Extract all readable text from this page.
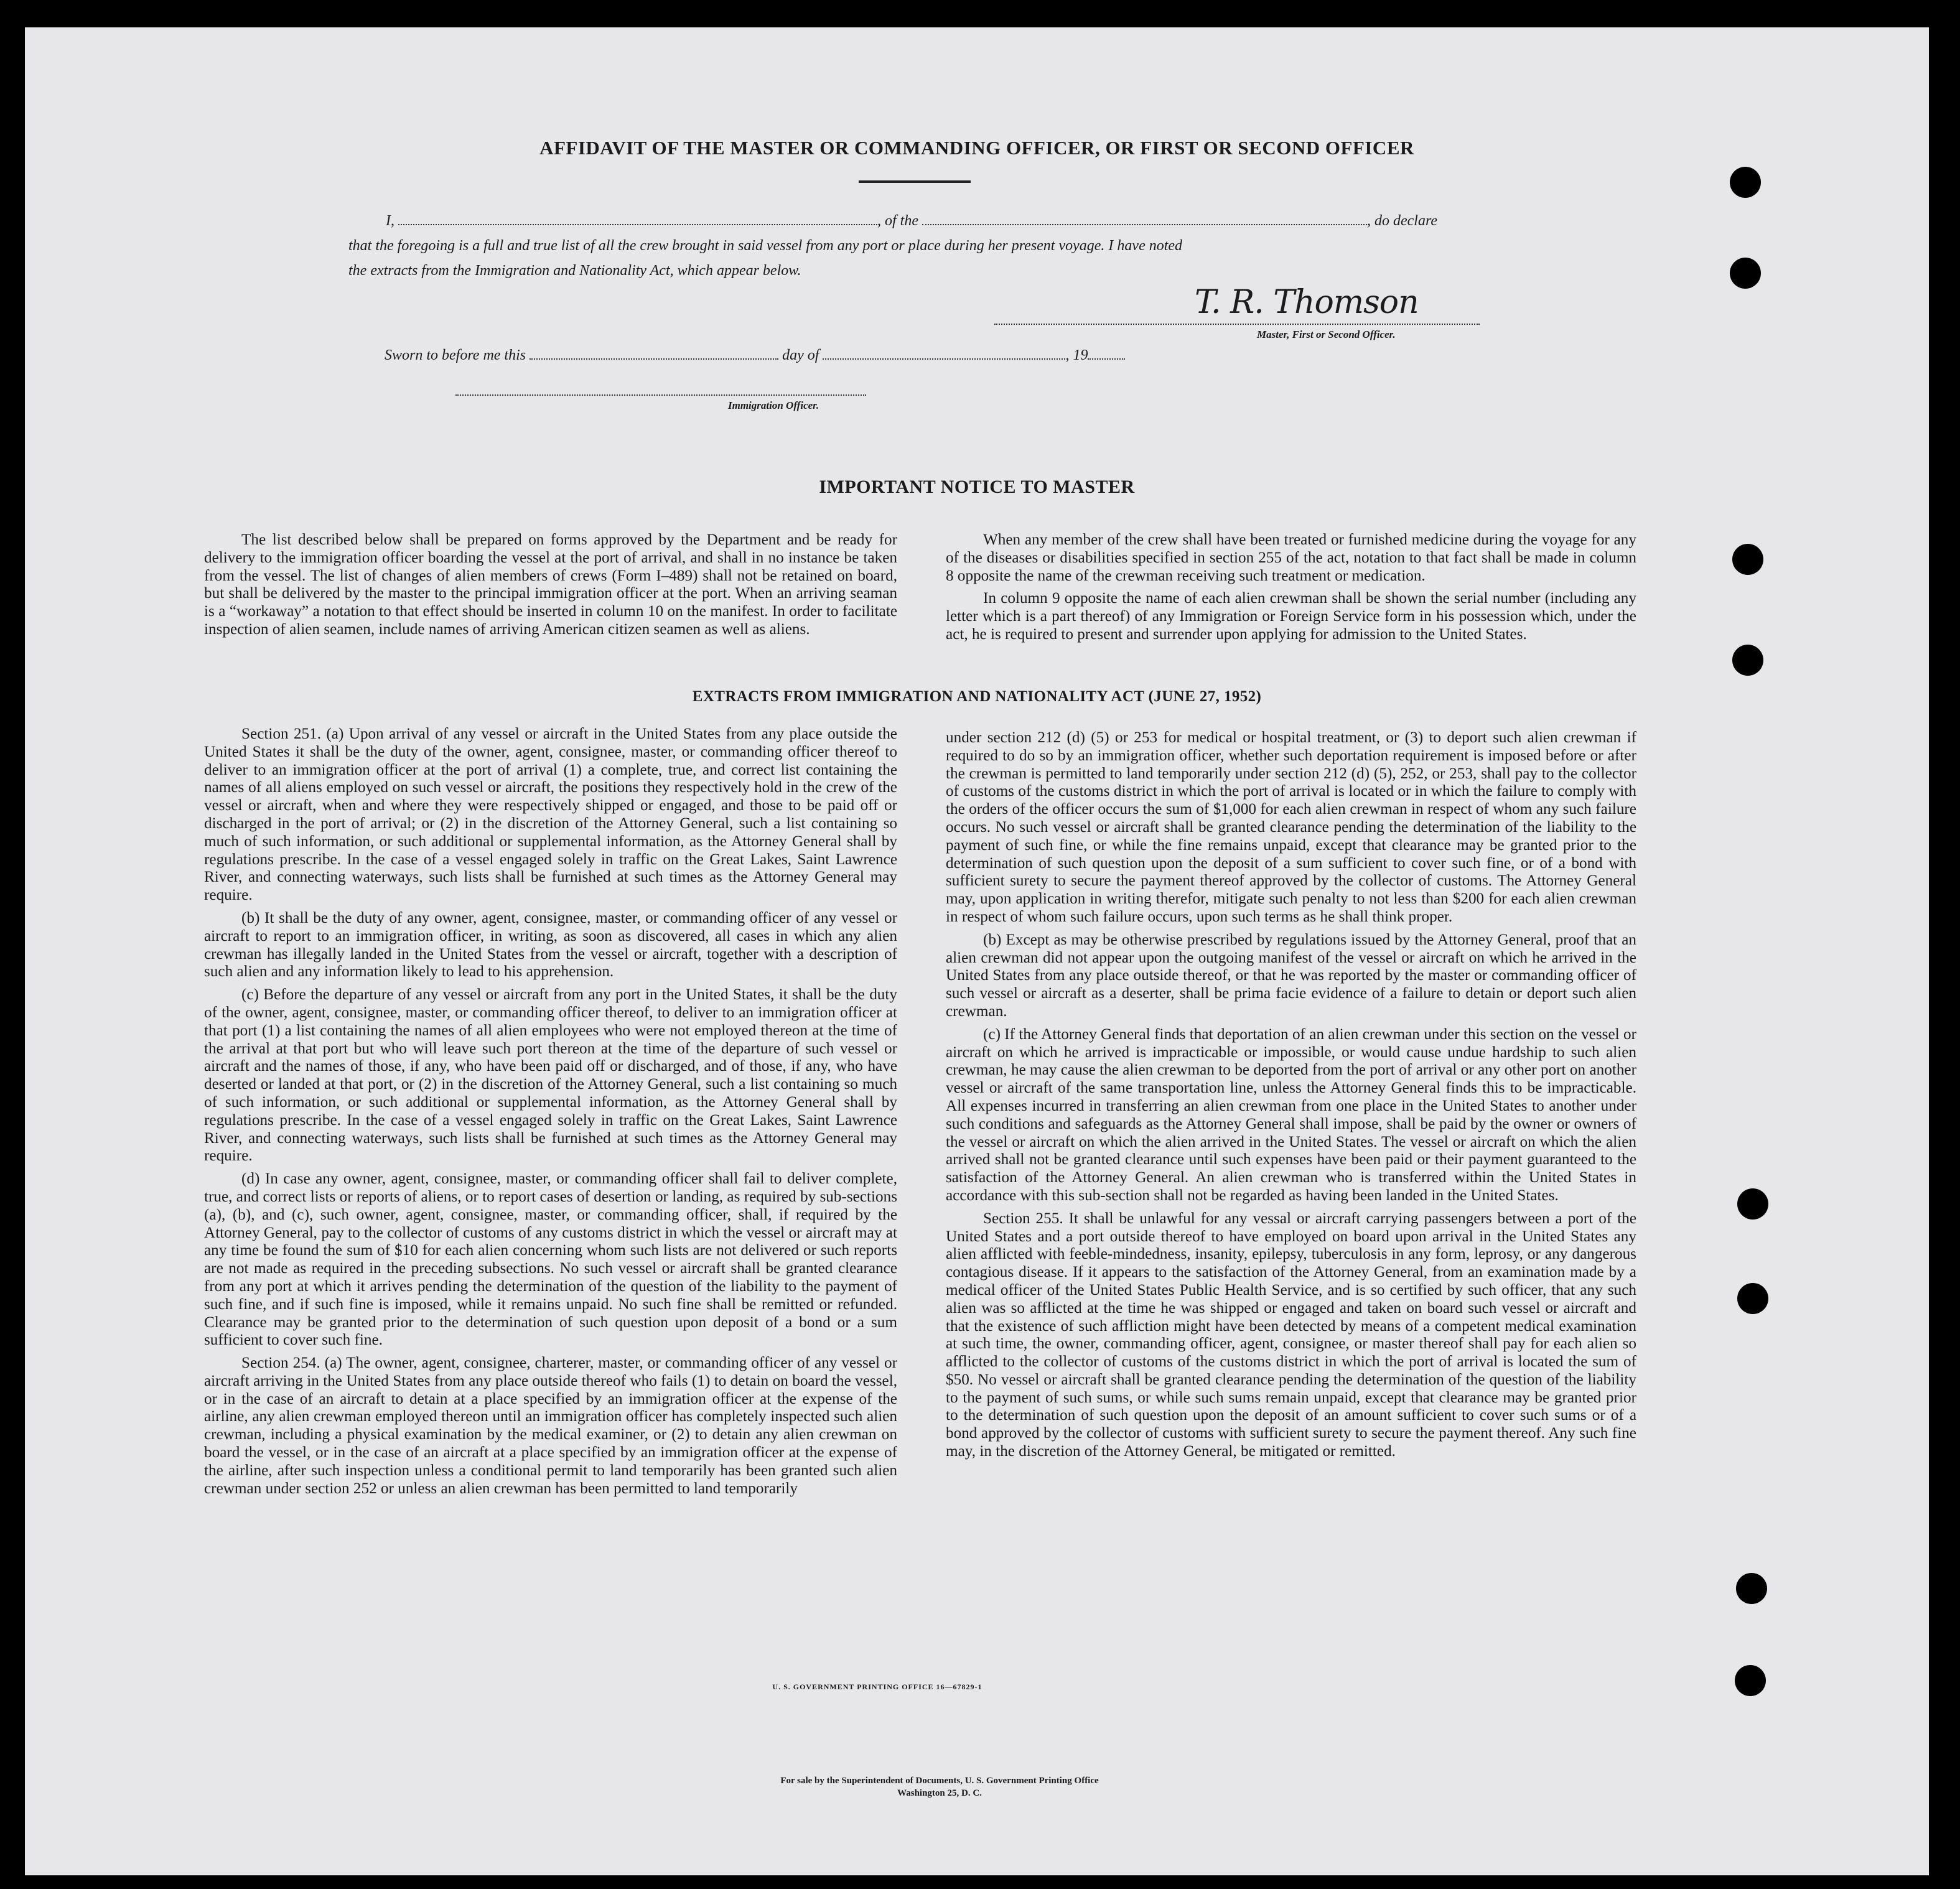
AFFIDAVIT OF THE MASTER OR COMMANDING OFFICER, OR FIRST OR SECOND OFFICER
I,	, of the	, do declare
that the foregoing is a full and true list of all the crew brought in said vessel from any port or place during her present voyage. I have noted
the extracts from the Immigration and Nationality Act, which appear below.
T. R. Thomson
Master, First or Second Officer.
Sworn to before me this	day of	, 19
Immigration Officer.
IMPORTANT NOTICE TO MASTER

The list described below shall be prepared on forms approved by the Department and be ready for delivery to the immigration officer boarding the vessel at the port of arrival, and shall in no instance be taken from the vessel. The list of changes of alien members of crews (Form I–489) shall not be retained on board, but shall be delivered by the master to the principal immigration officer at the port. When an arriving seaman is a “workaway” a notation to that effect should be inserted in column 10 on the manifest. In order to facilitate inspection of alien seamen, include names of arriving American citizen seamen as well as aliens.

When any member of the crew shall have been treated or furnished medicine during the voyage for any of the diseases or disabilities specified in section 255 of the act, notation to that fact shall be made in column 8 opposite the name of the crewman receiving such treatment or medication.

In column 9 opposite the name of each alien crewman shall be shown the serial number (including any letter which is a part thereof) of any Immigration or Foreign Service form in his possession which, under the act, he is required to present and surrender upon applying for admission to the United States.

EXTRACTS FROM IMMIGRATION AND NATIONALITY ACT (JUNE 27, 1952)

Section 251. (a) Upon arrival of any vessel or aircraft in the United States from any place outside the United States it shall be the duty of the owner, agent, consignee, master, or commanding officer thereof to deliver to an immigration officer at the port of arrival (1) a complete, true, and correct list containing the names of all aliens employed on such vessel or aircraft, the positions they respectively hold in the crew of the vessel or aircraft, when and where they were respectively shipped or engaged, and those to be paid off or discharged in the port of arrival; or (2) in the discretion of the Attorney General, such a list containing so much of such information, or such additional or supplemental information, as the Attorney General shall by regulations prescribe. In the case of a vessel engaged solely in traffic on the Great Lakes, Saint Lawrence River, and connecting waterways, such lists shall be furnished at such times as the Attorney General may require.

(b) It shall be the duty of any owner, agent, consignee, master, or commanding officer of any vessel or aircraft to report to an immigration officer, in writing, as soon as discovered, all cases in which any alien crewman has illegally landed in the United States from the vessel or aircraft, together with a description of such alien and any information likely to lead to his apprehension.

(c) Before the departure of any vessel or aircraft from any port in the United States, it shall be the duty of the owner, agent, consignee, master, or commanding officer thereof, to deliver to an immigration officer at that port (1) a list containing the names of all alien employees who were not employed thereon at the time of the arrival at that port but who will leave such port thereon at the time of the departure of such vessel or aircraft and the names of those, if any, who have been paid off or discharged, and of those, if any, who have deserted or landed at that port, or (2) in the discretion of the Attorney General, such a list containing so much of such information, or such additional or supplemental information, as the Attorney General shall by regulations prescribe. In the case of a vessel engaged solely in traffic on the Great Lakes, Saint Lawrence River, and connecting waterways, such lists shall be furnished at such times as the Attorney General may require.

(d) In case any owner, agent, consignee, master, or commanding officer shall fail to deliver complete, true, and correct lists or reports of aliens, or to report cases of desertion or landing, as required by sub-sections (a), (b), and (c), such owner, agent, consignee, master, or commanding officer, shall, if required by the Attorney General, pay to the collector of customs of any customs district in which the vessel or aircraft may at any time be found the sum of $10 for each alien concerning whom such lists are not delivered or such reports are not made as required in the preceding subsections. No such vessel or aircraft shall be granted clearance from any port at which it arrives pending the determination of the question of the liability to the payment of such fine, and if such fine is imposed, while it remains unpaid. No such fine shall be remitted or refunded. Clearance may be granted prior to the determination of such question upon deposit of a bond or a sum sufficient to cover such fine.

Section 254. (a) The owner, agent, consignee, charterer, master, or commanding officer of any vessel or aircraft arriving in the United States from any place outside thereof who fails (1) to detain on board the vessel, or in the case of an aircraft to detain at a place specified by an immigration officer at the expense of the airline, any alien crewman employed thereon until an immigration officer has completely inspected such alien crewman, including a physical examination by the medical examiner, or (2) to detain any alien crewman on board the vessel, or in the case of an aircraft at a place specified by an immigration officer at the expense of the airline, after such inspection unless a conditional permit to land temporarily has been granted such alien crewman under section 252 or unless an alien crewman has been permitted to land temporarily

under section 212 (d) (5) or 253 for medical or hospital treatment, or (3) to deport such alien crewman if required to do so by an immigration officer, whether such deportation requirement is imposed before or after the crewman is permitted to land temporarily under section 212 (d) (5), 252, or 253, shall pay to the collector of customs of the customs district in which the port of arrival is located or in which the failure to comply with the orders of the officer occurs the sum of $1,000 for each alien crewman in respect of whom any such failure occurs. No such vessel or aircraft shall be granted clearance pending the determination of the liability to the payment of such fine, or while the fine remains unpaid, except that clearance may be granted prior to the determination of such question upon the deposit of a sum sufficient to cover such fine, or of a bond with sufficient surety to secure the payment thereof approved by the collector of customs. The Attorney General may, upon application in writing therefor, mitigate such penalty to not less than $200 for each alien crewman in respect of whom such failure occurs, upon such terms as he shall think proper.

(b) Except as may be otherwise prescribed by regulations issued by the Attorney General, proof that an alien crewman did not appear upon the outgoing manifest of the vessel or aircraft on which he arrived in the United States from any place outside thereof, or that he was reported by the master or commanding officer of such vessel or aircraft as a deserter, shall be prima facie evidence of a failure to detain or deport such alien crewman.

(c) If the Attorney General finds that deportation of an alien crewman under this section on the vessel or aircraft on which he arrived is impracticable or impossible, or would cause undue hardship to such alien crewman, he may cause the alien crewman to be deported from the port of arrival or any other port on another vessel or aircraft of the same transportation line, unless the Attorney General finds this to be impracticable. All expenses incurred in transferring an alien crewman from one place in the United States to another under such conditions and safeguards as the Attorney General shall impose, shall be paid by the owner or owners of the vessel or aircraft on which the alien arrived in the United States. The vessel or aircraft on which the alien arrived shall not be granted clearance until such expenses have been paid or their payment guaranteed to the satisfaction of the Attorney General. An alien crewman who is transferred within the United States in accordance with this sub-section shall not be regarded as having been landed in the United States.

Section 255. It shall be unlawful for any vessal or aircraft carrying passengers between a port of the United States and a port outside thereof to have employed on board upon arrival in the United States any alien afflicted with feeble-mindedness, insanity, epilepsy, tuberculosis in any form, leprosy, or any dangerous contagious disease. If it appears to the satisfaction of the Attorney General, from an examination made by a medical officer of the United States Public Health Service, and is so certified by such officer, that any such alien was so afflicted at the time he was shipped or engaged and taken on board such vessel or aircraft and that the existence of such affliction might have been detected by means of a competent medical examination at such time, the owner, commanding officer, agent, consignee, or master thereof shall pay for each alien so afflicted to the collector of customs of the customs district in which the port of arrival is located the sum of $50. No vessel or aircraft shall be granted clearance pending the determination of the question of the liability to the payment of such sums, or while such sums remain unpaid, except that clearance may be granted prior to the determination of such question upon the deposit of an amount sufficient to cover such sums or of a bond approved by the collector of customs with sufficient surety to secure the payment thereof. Any such fine may, in the discretion of the Attorney General, be mitigated or remitted.

U. S. GOVERNMENT PRINTING OFFICE 16—67829-1
For sale by the Superintendent of Documents, U. S. Government Printing Office
Washington 25, D. C.
